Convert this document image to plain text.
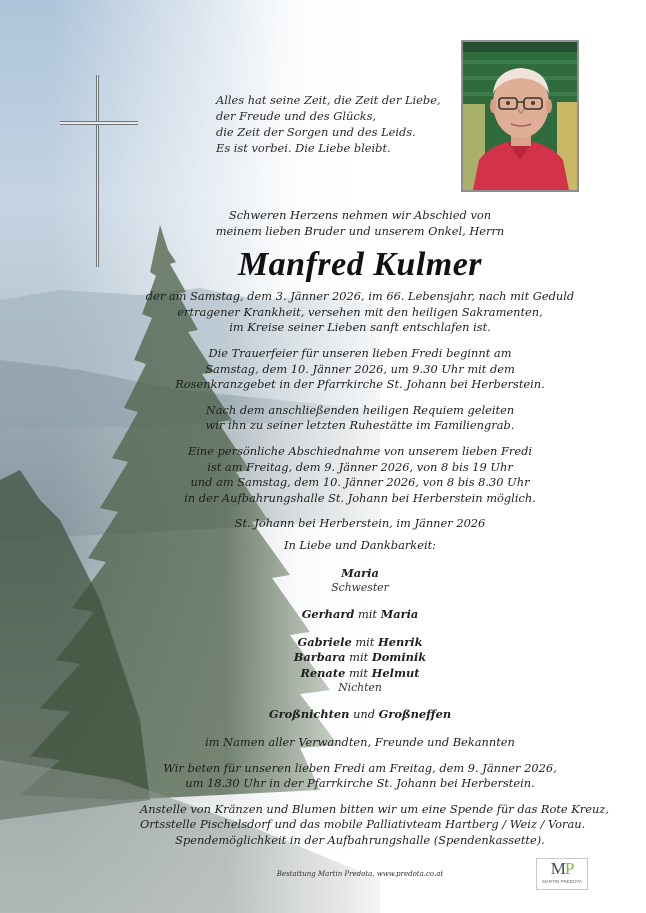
Alles hat seine Zeit, die Zeit der Liebe,
der Freude und des Glücks,
die Zeit der Sorgen und des Leids.
Es ist vorbei. Die Liebe bleibt.
Schweren Herzens nehmen wir Abschied von
meinem lieben Bruder und unserem Onkel, Herrn
Manfred Kulmer
der am Samstag, dem 3. Jänner 2026, im 66. Lebensjahr, nach mit Geduld
ertragener Krankheit, versehen mit den heiligen Sakramenten,
im Kreise seiner Lieben sanft entschlafen ist.
Die Trauerfeier für unseren lieben Fredi beginnt am
Samstag, dem 10. Jänner 2026, um 9.30 Uhr mit dem
Rosenkranzgebet in der Pfarrkirche St. Johann bei Herberstein.
Nach dem anschließenden heiligen Requiem geleiten
wir ihn zu seiner letzten Ruhestätte im Familiengrab.
Eine persönliche Abschiednahme von unserem lieben Fredi
ist am Freitag, dem 9. Jänner 2026, von 8 bis 19 Uhr
und am Samstag, dem 10. Jänner 2026, von 8 bis 8.30 Uhr
in der Aufbahrungshalle St. Johann bei Herberstein möglich.
St. Johann bei Herberstein, im Jänner 2026
In Liebe und Dankbarkeit:
Maria
Schwester
Gerhard mit Maria
Gabriele mit Henrik
Barbara mit Dominik
Renate mit Helmut
Nichten
Großnichten und Großneffen
im Namen aller Verwandten, Freunde und Bekannten
Wir beten für unseren lieben Fredi am Freitag, dem 9. Jänner 2026,
um 18.30 Uhr in der Pfarrkirche St. Johann bei Herberstein.
Anstelle von Kränzen und Blumen bitten wir um eine Spende für das Rote Kreuz,
Ortsstelle Pischelsdorf und das mobile Palliativteam Hartberg / Weiz / Vorau.
Spendemöglichkeit in der Aufbahrungshalle (Spendenkassette).
Bestattung Martin Predota, www.predota.co.at	MP
MARTIN PREDOTA
